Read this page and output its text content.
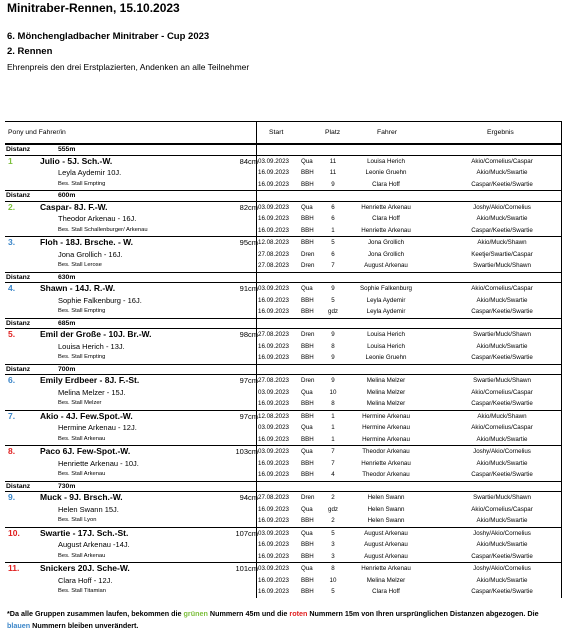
Minitraber-Rennen, 15.10.2023
6. Mönchengladbacher Minitraber - Cup 2023
2. Rennen
Ehrenpreis den drei Erstplazierten, Andenken an alle Teilnehmer
Pony und Fahrer/in	Start	Platz	Fahrer	Ergebnis
Distanz	555m
1	Julio - 5J. Sch.-W.	84cm 03.09.2023 Qua	11	Louisa Herich	Akio/Cornelius/Caspar
Leyla Aydemir 10J.	16.09.2023 BBH	11	Leonie Gruehn	Akio/Muck/Swartie
Bes. Stall Empting	16.09.2023 BBH	9	Clara Hoff	Caspar/Keetie/Swartie
Distanz	600m
2.	Caspar- 8J. F.-W.	82cm 03.09.2023 Qua	6	Henriette Arkenau	Joshy/Akio/Cornelius
Theodor Arkenau - 16J.	16.09.2023 BBH	6	Clara Hoff	Akio/Muck/Swartie
Bes. Stall Schallenburger/ Arkenau	16.09.2023 BBH	1	Henriette Arkenau	Caspar/Keetie/Swartie
3.	Floh - 18J. Brsche. - W.	95cm 12.08.2023 BBH	5	Jona Grollich	Akio/Muck/Shawn
Jona Grollich - 16J.	27.08.2023 Dren	6	Jona Grollich	Keetje/Swartie/Caspar
Bes. Stall Lerose	27.08.2023 Dren	7	August Arkenau	Swartie/Muck/Shawn
Distanz	630m
4.	Shawn - 14J. R.-W.	91cm 03.09.2023 Qua	9	Sophie Falkenburg	Akio/Cornelius/Caspar
Sophie Falkenburg - 16J.	16.09.2023 BBH	5	Leyla Aydemir	Akio/Muck/Swartie
Bes. Stall Empting	16.09.2023 BBH	gdz	Leyla Aydemir	Caspar/Keetie/Swartie
Distanz	685m
5.	Emil der Große - 10J. Br.-W.	98cm 27.08.2023 Dren	9	Louisa Herich	Swartie/Muck/Shawn
Louisa Herich - 13J.	16.09.2023 BBH	8	Louisa Herich	Akio/Muck/Swartie
Bes. Stall Empting	16.09.2023 BBH	9	Leonie Gruehn	Caspar/Keetie/Swartie
Distanz	700m
6.	Emily Erdbeer - 8J. F.-St.	97cm 27.08.2023 Dren	9	Melina Melzer	Swartie/Muck/Shawn
Melina Melzer - 15J.	03.09.2023 Qua	10	Melina Melzer	Akio/Cornelius/Caspar
Bes. Stall Melzer	16.09.2023 BBH	8	Melina Melzer	Caspar/Keetie/Swartie
7.	Akio - 4J. Few.Spot.-W.	97cm 12.08.2023 BBH	1	Hermine Arkenau	Akio/Muck/Shawn
Hermine Arkenau - 12J.	03.09.2023 Qua	1	Hermine Arkenau	Akio/Cornelius/Caspar
Bes. Stall Arkenau	16.09.2023 BBH	1	Hermine Arkenau	Akio/Muck/Swartie
8.	Paco 6J. Few-Spot.-W.	103cm 03.09.2023 Qua	7	Theodor Arkenau	Joshy/Akio/Cornelius
Henriette Arkenau - 10J.	16.09.2023 BBH	7	Henriette Arkenau	Akio/Muck/Swartie
Bes. Stall Arkenau	16.09.2023 BBH	4	Theodor Arkenau	Caspar/Keetie/Swartie
Distanz	730m
9.	Muck - 9J. Brsch.-W.	94cm 27.08.2023 Dren	2	Helen Swann	Swartie/Muck/Shawn
Helen Swann 15J.	16.09.2023 Qua	gdz	Helen Swann	Akio/Cornelius/Caspar
Bes. Stall Lyon	16.09.2023 BBH	2	Helen Swann	Akio/Muck/Swartie
10. Swartie - 17J. Sch.-St.	107cm 03.09.2023 Qua	5	August Arkenau	Joshy/Akio/Cornelius
August Arkenau -14J.	16.09.2023 BBH	3	August Arkenau	Akio/Muck/Swartie
Bes. Stall Arkenau	16.09.2023 BBH	3	August Arkenau	Caspar/Keetie/Swartie
11. Snickers 20J. Sche-W.	101cm 03.09.2023 Qua	8	Henriette Arkenau	Joshy/Akio/Cornelius
Clara Hoff - 12J.	16.09.2023 BBH	10	Melina Melzer	Akio/Muck/Swartie
Bes. Stall Titamian	16.09.2023 BBH	5	Clara Hoff	Caspar/Keetie/Swartie
*Da alle Gruppen zusammen laufen, bekommen die grünen Nummern 45m und die roten Nummern 15m von Ihren ursprünglichen Distanzen abgezogen. Die blauen Nummern bleiben unverändert.
